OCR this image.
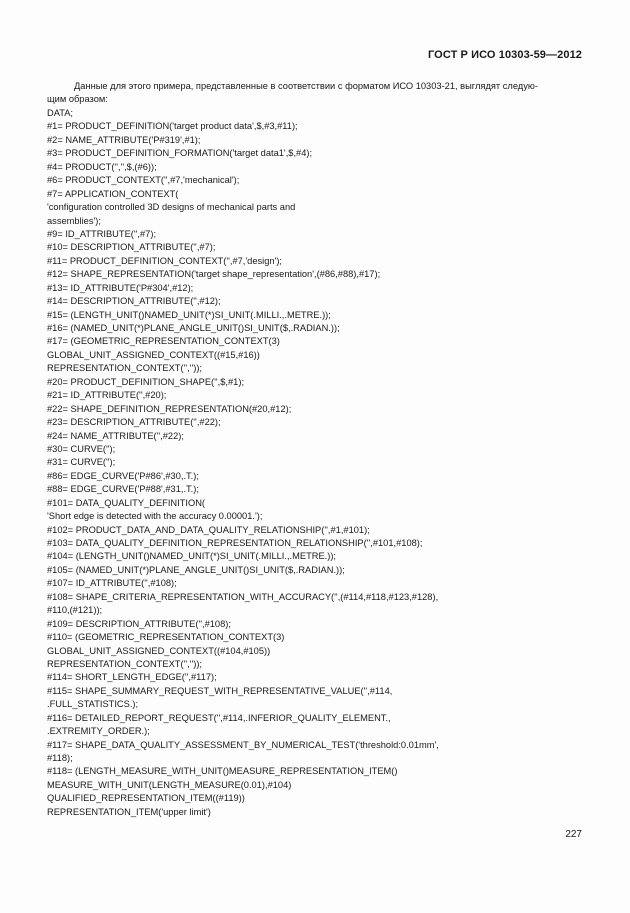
ГОСТ Р ИСО 10303-59—2012
Данные для этого примера, представленные в соответствии с форматом ИСО 10303-21, выглядят следую-
щим образом:
DATA;
#1= PRODUCT_DEFINITION('target product data',$,#3,#11);
#2= NAME_ATTRIBUTE('P#319',#1);
#3= PRODUCT_DEFINITION_FORMATION('target data1',$,#4);
#4= PRODUCT('','',$,(#6));
#6= PRODUCT_CONTEXT('',#7,'mechanical');
#7= APPLICATION_CONTEXT(
'configuration controlled 3D designs of mechanical parts and
assemblies');
#9= ID_ATTRIBUTE('',#7);
#10= DESCRIPTION_ATTRIBUTE('',#7);
#11= PRODUCT_DEFINITION_CONTEXT('',#7,'design');
#12= SHAPE_REPRESENTATION('target shape_representation',(#86,#88),#17);
#13= ID_ATTRIBUTE('P#304',#12);
#14= DESCRIPTION_ATTRIBUTE('',#12);
#15= (LENGTH_UNIT()NAMED_UNIT(*)SI_UNIT(.MILLI.,.METRE.));
#16= (NAMED_UNIT(*)PLANE_ANGLE_UNIT()SI_UNIT($,.RADIAN.));
#17= (GEOMETRIC_REPRESENTATION_CONTEXT(3)
GLOBAL_UNIT_ASSIGNED_CONTEXT((#15,#16))
REPRESENTATION_CONTEXT('',''));
#20= PRODUCT_DEFINITION_SHAPE('',$,#1);
#21= ID_ATTRIBUTE('',#20);
#22= SHAPE_DEFINITION_REPRESENTATION(#20,#12);
#23= DESCRIPTION_ATTRIBUTE('',#22);
#24= NAME_ATTRIBUTE('',#22);
#30= CURVE('');
#31= CURVE('');
#86= EDGE_CURVE('P#86',#30,.T.);
#88= EDGE_CURVE('P#88',#31,.T.);
#101= DATA_QUALITY_DEFINITION(
'Short edge is detected with the accuracy 0.00001.');
#102= PRODUCT_DATA_AND_DATA_QUALITY_RELATIONSHIP('',#1,#101);
#103= DATA_QUALITY_DEFINITION_REPRESENTATION_RELATIONSHIP('',#101,#108);
#104= (LENGTH_UNIT()NAMED_UNIT(*)SI_UNIT(.MILLI.,.METRE.));
#105= (NAMED_UNIT(*)PLANE_ANGLE_UNIT()SI_UNIT($,.RADIAN.));
#107= ID_ATTRIBUTE('',#108);
#108= SHAPE_CRITERIA_REPRESENTATION_WITH_ACCURACY('',(#114,#118,#123,#128),
#110,(#121));
#109= DESCRIPTION_ATTRIBUTE('',#108);
#110= (GEOMETRIC_REPRESENTATION_CONTEXT(3)
GLOBAL_UNIT_ASSIGNED_CONTEXT((#104,#105))
REPRESENTATION_CONTEXT('',''));
#114= SHORT_LENGTH_EDGE('',#117);
#115= SHAPE_SUMMARY_REQUEST_WITH_REPRESENTATIVE_VALUE('',#114,
.FULL_STATISTICS.);
#116= DETAILED_REPORT_REQUEST('',#114,.INFERIOR_QUALITY_ELEMENT.,
.EXTREMITY_ORDER.);
#117= SHAPE_DATA_QUALITY_ASSESSMENT_BY_NUMERICAL_TEST('threshold:0.01mm',
#118);
#118= (LENGTH_MEASURE_WITH_UNIT()MEASURE_REPRESENTATION_ITEM()
MEASURE_WITH_UNIT(LENGTH_MEASURE(0.01),#104)
QUALIFIED_REPRESENTATION_ITEM((#119))
REPRESENTATION_ITEM('upper limit')
227
